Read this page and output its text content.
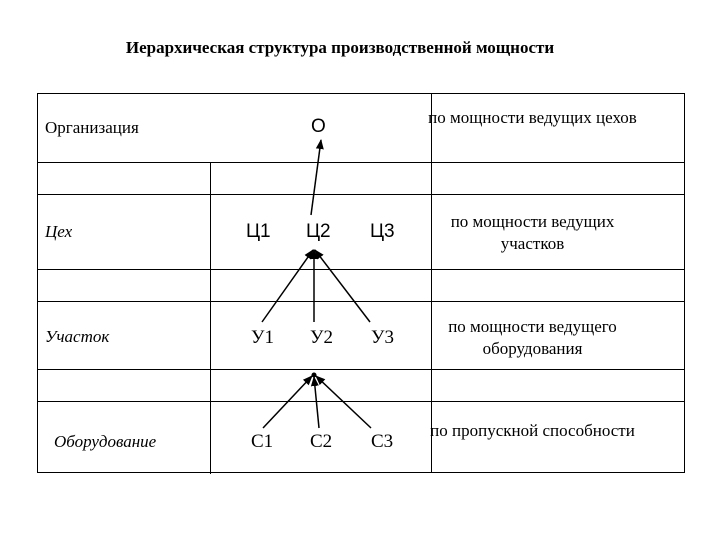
Иерархическая структура производственной мощности
Организация
Цех
Участок
Оборудование
О
Ц1 Ц2 Ц3
У1 У2 У3
С1 С2 С3
по мощности ведущих цехов
по мощности ведущих участков
по мощности ведущего оборудования
по пропускной способности
